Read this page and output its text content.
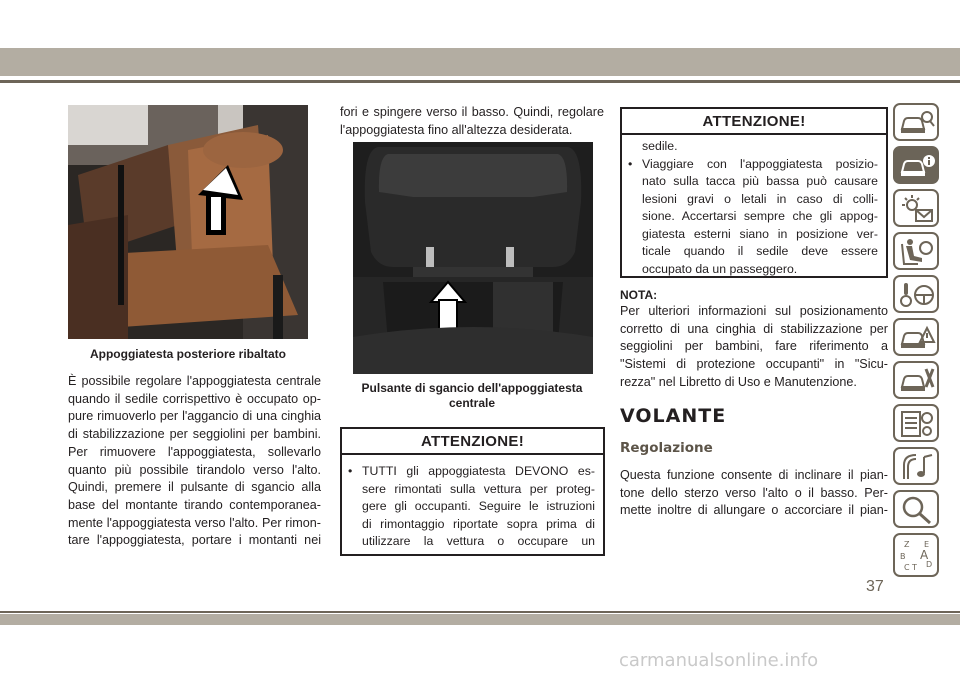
Appoggiatesta posteriore ribaltato

È possibile regolare l'appoggiatesta centrale

quando il sedile corrispettivo è occupato op-

pure rimuoverlo per l'aggancio di una cinghia

di stabilizzazione per seggiolini per bambini.

Per rimuovere l'appoggiatesta, sollevarlo

quanto più possibile tirandolo verso l'alto.

Quindi, premere il pulsante di sgancio alla

base del montante tirando contemporanea-

mente l'appoggiatesta verso l'alto. Per rimon-

tare l'appoggiatesta, portare i montanti nei

fori e spingere verso il basso. Quindi, regolare

l'appoggiatesta fino all'altezza desiderata.

Pulsante di sgancio dell'appoggiatesta
centrale
ATTENZIONE!
• TUTTI gli appoggiatesta DEVONO es-
sere rimontati sulla vettura per proteg-
gere gli occupanti. Seguire le istruzioni
di rimontaggio riportate sopra prima di
utilizzare la vettura o occupare un
ATTENZIONE!
sedile.
• Viaggiare con l'appoggiatesta posizio-
nato sulla tacca più bassa può causare
lesioni gravi o letali in caso di colli-
sione. Accertarsi sempre che gli appog-
giatesta esterni siano in posizione ver-
ticale quando il sedile deve essere
occupato da un passeggero.
NOTA:

Per ulteriori informazioni sul posizionamento

corretto di una cinghia di stabilizzazione per

seggiolini per bambini, fare riferimento a

"Sistemi di protezione occupanti" in "Sicu-

rezza" nel Libretto di Uso e Manutenzione.

VOLANTE
Regolazione

Questa funzione consente di inclinare il pian-

tone dello sterzo verso l'alto o il basso. Per-

mette inoltre di allungare o accorciare il pian-

Z E
B A
C D
T
37
carmanualsonline.info
